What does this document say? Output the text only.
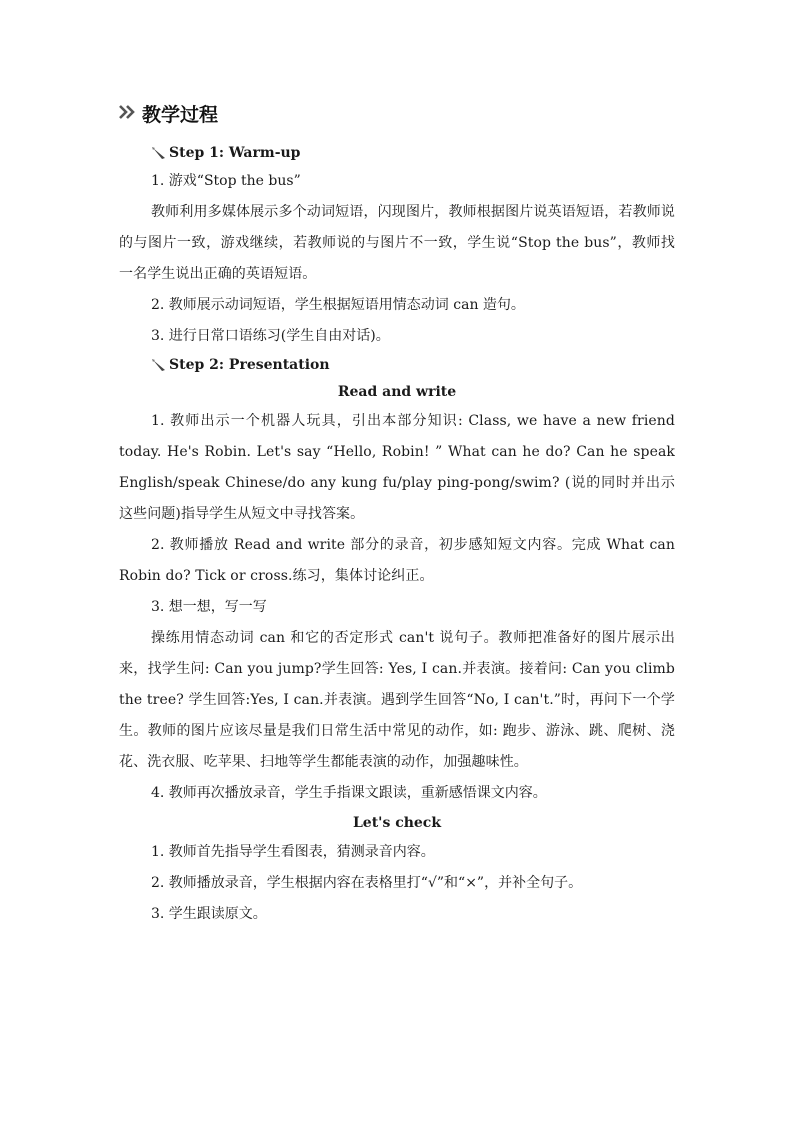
教学过程
Step 1: Warm-up
1. 游戏“Stop the bus”
教师利用多媒体展示多个动词短语，闪现图片，教师根据图片说英语短语，若教师说的与图片一致，游戏继续，若教师说的与图片不一致，学生说“Stop the bus”，教师找一名学生说出正确的英语短语。
2. 教师展示动词短语，学生根据短语用情态动词 can 造句。
3. 进行日常口语练习(学生自由对话)。
Step 2: Presentation
Read and write
1. 教师出示一个机器人玩具，引出本部分知识: Class, we have a new friend today. He's Robin. Let's say “Hello, Robin! ” What can he do? Can he speak English/speak Chinese/do any kung fu/play ping-pong/swim? (说的同时并出示这些问题)指导学生从短文中寻找答案。
2. 教师播放 Read and write 部分的录音，初步感知短文内容。完成 What can Robin do? Tick or cross.练习，集体讨论纠正。
3. 想一想，写一写
操练用情态动词 can 和它的否定形式 can't 说句子。教师把准备好的图片展示出来，找学生问: Can you jump?学生回答: Yes, I can.并表演。接着问: Can you climb the tree? 学生回答:Yes, I can.并表演。遇到学生回答“No, I can't.”时，再问下一个学生。教师的图片应该尽量是我们日常生活中常见的动作，如: 跑步、游泳、跳、爬树、浇花、洗衣服、吃苹果、扫地等学生都能表演的动作，加强趣味性。
4. 教师再次播放录音，学生手指课文跟读，重新感悟课文内容。
Let's check
1. 教师首先指导学生看图表，猜测录音内容。
2. 教师播放录音，学生根据内容在表格里打“√”和“×”，并补全句子。
3. 学生跟读原文。
